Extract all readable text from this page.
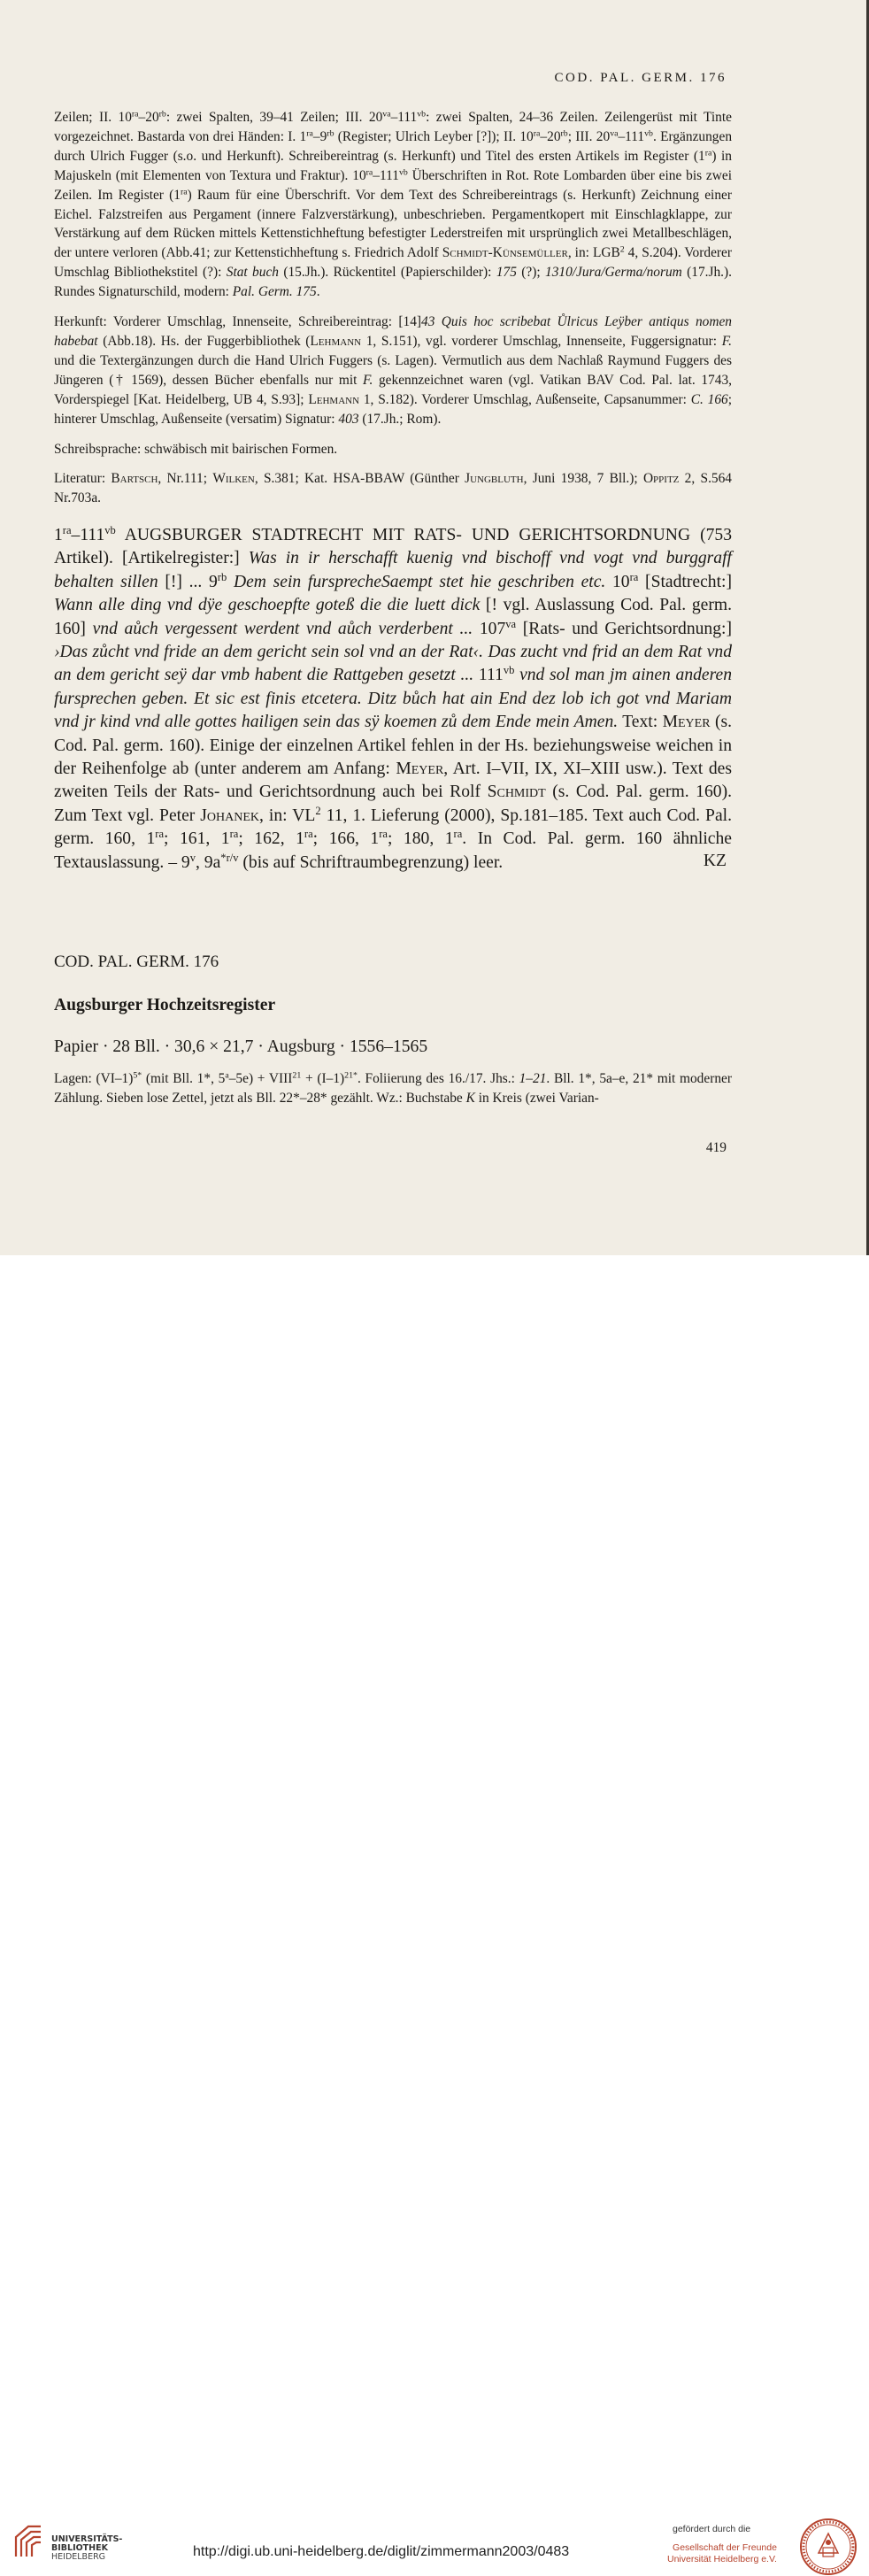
COD. PAL. GERM. 176

Zeilen; II. $10^{ra}-20^{rb}$: zwei Spalten, 39–41 Zeilen; III. $20^{va}-111^{vb}$: zwei Spalten, 24–36 Zeilen. Zeilengerüst mit Tinte vorgezeichnet. Bastarda von drei Händen: I. $1^{ra}-9^{rb}$ (Register; Ulrich Leyber [?]); II. $10^{ra}-20^{rb}$; III. $20^{va}-111^{vb}$. Ergänzungen durch Ulrich Fugger (s.o. und Herkunft). Schreibereintrag (s. Herkunft) und Titel des ersten Artikels im Register $(1^{ra})$ in Majuskeln (mit Elementen von Textura und Fraktur). $10^{ra}-111^{vb}$ Überschriften in Rot. Rote Lombarden über eine bis zwei Zeilen. Im Register $(1^{ra})$ Raum für eine Überschrift. Vor dem Text des Schreibereintrags (s. Herkunft) Zeichnung einer Eichel. Falzstreifen aus Pergament (innere Falzverstärkung), unbeschrieben. Pergamentkopert mit Einschlagklappe, zur Verstärkung auf dem Rücken mittels Kettenstichheftung befestigter Lederstreifen mit ursprünglich zwei Metallbeschlägen, der untere verloren (Abb.41; zur Kettenstichheftung s. Friedrich Adolf Schmidt-Künsemüller, in: LGB$^2$ 4, S.204). Vorderer Umschlag Bibliothekstitel (?): Stat buch (15.Jh.). Rückentitel (Papierschilder): 175 (?); 1310/Jura/Germa/norum (17.Jh.). Rundes Signaturschild, modern: Pal. Germ. 175.

Herkunft: Vorderer Umschlag, Innenseite, Schreibereintrag: [14]43 Quis hoc scribebat Ůlricus Leÿber antiqus nomen habebat (Abb.18). Hs. der Fuggerbibliothek (Lehmann 1, S.151), vgl. vorderer Umschlag, Innenseite, Fuggersignatur: F. und die Textergänzungen durch die Hand Ulrich Fuggers (s. Lagen). Vermutlich aus dem Nachlaß Raymund Fuggers des Jüngeren († 1569), dessen Bücher ebenfalls nur mit F. gekennzeichnet waren (vgl. Vatikan BAV Cod. Pal. lat. 1743, Vorderspiegel [Kat. Heidelberg, UB 4, S.93]; Lehmann 1, S.182). Vorderer Umschlag, Außenseite, Capsanummer: C. 166; hinterer Umschlag, Außenseite (versatim) Signatur: 403 (17.Jh.; Rom).

Schreibsprache: schwäbisch mit bairischen Formen.

Literatur: Bartsch, Nr.111; Wilken, S.381; Kat. HSA-BBAW (Günther Jungbluth, Juni 1938, 7 Bll.); Oppitz 2, S.564 Nr.703a.

$1^{ra}-111^{vb}$ AUGSBURGER STADTRECHT MIT RATS- UND GERICHTSORDNUNG (753 Artikel). [Artikelregister:] Was in ir herschafft kuenig vnd bischoff vnd vogt vnd burggraff behalten sillen [!] ... $9^{rb}$ Dem sein fursprecheSaempt stet hie geschriben etc. $10^{ra}$ [Stadtrecht:] Wann alle ding vnd dÿe geschoepfte goteß die die luett dick [! vgl. Auslassung Cod. Pal. germ. 160] vnd aůch vergessent werdent vnd aůch verderbent ... $107^{va}$ [Rats- und Gerichtsordnung:] ›Das zůcht vnd fride an dem gericht sein sol vnd an der Rat‹. Das zucht vnd frid an dem Rat vnd an dem gericht seÿ dar vmb habent die Rattgeben gesetzt ... $111^{vb}$ vnd sol man jm ainen anderen fursprechen geben. Et sic est finis etcetera. Ditz bůch hat ain End dez lob ich got vnd Mariam vnd jr kind vnd alle gottes hailigen sein das sÿ koemen zů dem Ende mein Amen. Text: Meyer (s. Cod. Pal. germ. 160). Einige der einzelnen Artikel fehlen in der Hs. beziehungsweise weichen in der Reihenfolge ab (unter anderem am Anfang: Meyer, Art. I–VII, IX, XI–XIII usw.). Text des zweiten Teils der Rats- und Gerichtsordnung auch bei Rolf Schmidt (s. Cod. Pal. germ. 160). Zum Text vgl. Peter Johanek, in: $VL^2$ 11, 1. Lieferung (2000), Sp.181–185. Text auch Cod. Pal. germ. 160, $1^{ra}$; 161, $1^{ra}$; 162, $1^{ra}$; 166, $1^{ra}$; 180, $1^{ra}$. In Cod. Pal. germ. 160 ähnliche Textauslassung. – 9$^v$, $9a^{*r/v}$ (bis auf Schriftraumbegrenzung) leer.	KZ
COD. PAL. GERM. 176
Augsburger Hochzeitsregister
Papier · 28 Bll. · 30,6 × 21,7 · Augsburg · 1556–1565

Lagen: $(VI-1)^{5*}$ (mit Bll. 1*, $5^a-5e$) + $VIII^{21} + (I-1)^{21*}$. Foliierung des 16./17. Jhs.: 1–21. Bll. 1*, 5a–e, 21* mit moderner Zählung. Sieben lose Zettel, jetzt als Bll. 22*–28* gezählt. Wz.: Buchstabe K in Kreis (zwei Varian-

419
UNIVERSITÄTS-
BIBLIOTHEK
HEIDELBERG	http://digi.ub.uni-heidelberg.de/diglit/zimmermann2003/0483
gefördert durch die
Gesellschaft der Freunde
Universität Heidelberg e.V.
